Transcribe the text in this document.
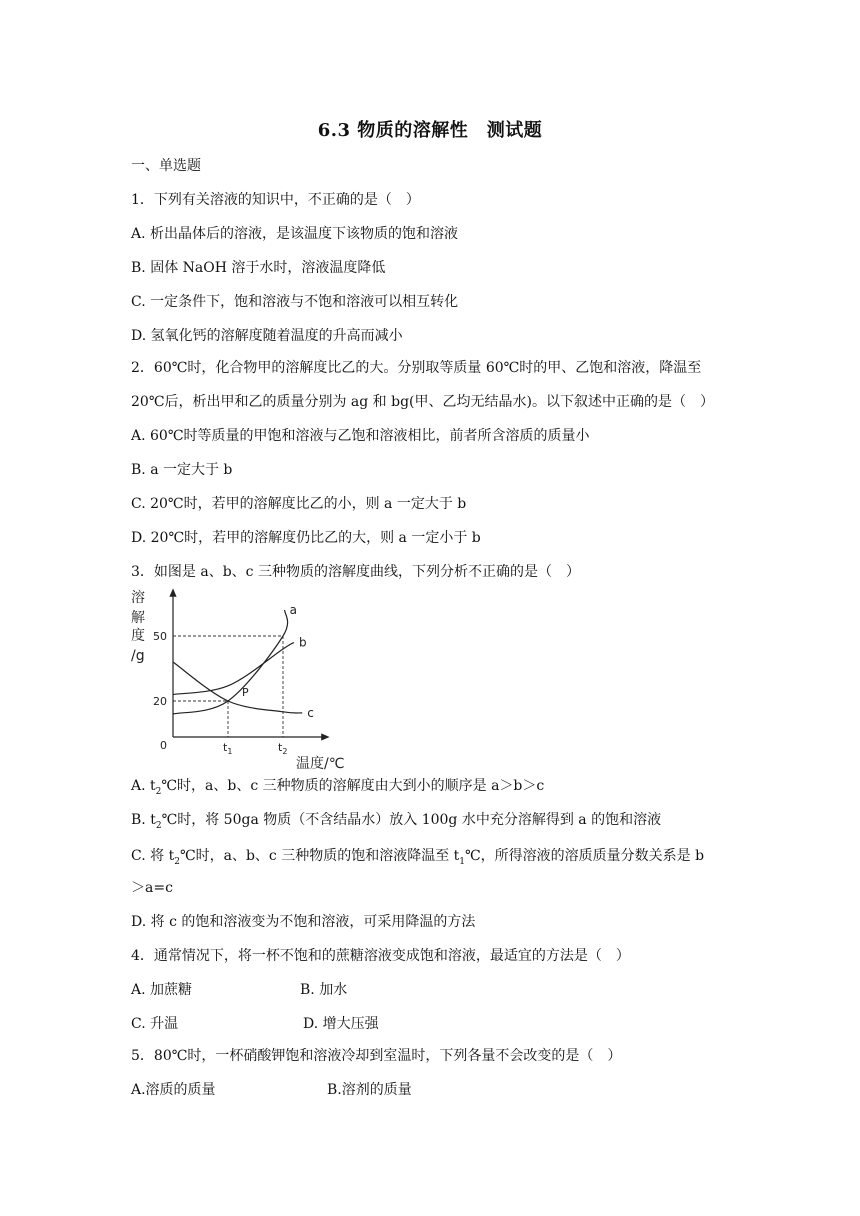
6.3 物质的溶解性　测试题
一、单选题
1．下列有关溶液的知识中，不正确的是（　）
A. 析出晶体后的溶液，是该温度下该物质的饱和溶液
B. 固体 NaOH 溶于水时，溶液温度降低
C. 一定条件下，饱和溶液与不饱和溶液可以相互转化
D. 氢氧化钙的溶解度随着温度的升高而减小
2．60℃时，化合物甲的溶解度比乙的大。分别取等质量 60℃时的甲、乙饱和溶液，降温至
20℃后，析出甲和乙的质量分别为 ag 和 bg(甲、乙均无结晶水)。以下叙述中正确的是（　）
A. 60℃时等质量的甲饱和溶液与乙饱和溶液相比，前者所含溶质的质量小
B. a 一定大于 b
C. 20℃时，若甲的溶解度比乙的小，则 a 一定大于 b
D. 20℃时，若甲的溶解度仍比乙的大，则 a 一定小于 b
3．如图是 a、b、c 三种物质的溶解度曲线，下列分析不正确的是（　）
溶
解
度
/g
温度/℃
0
50
20
$t_1$	$t_2$
a
b
c
P
A. $t_2℃$时，a、b、c 三种物质的溶解度由大到小的顺序是 a＞b＞c
B. $t_2℃$时，将 50ga 物质（不含结晶水）放入 100g 水中充分溶解得到 a 的饱和溶液
C. 将 $t_2℃$时，a、b、c 三种物质的饱和溶液降温至 $t_1℃$，所得溶液的溶质质量分数关系是 b
＞a=c
D. 将 c 的饱和溶液变为不饱和溶液，可采用降温的方法
4．通常情况下，将一杯不饱和的蔗糖溶液变成饱和溶液，最适宜的方法是（　）
A. 加蔗糖	B. 加水
C. 升温	D. 增大压强
5．80℃时，一杯硝酸钾饱和溶液冷却到室温时，下列各量不会改变的是（　）
A.溶质的质量	B.溶剂的质量
